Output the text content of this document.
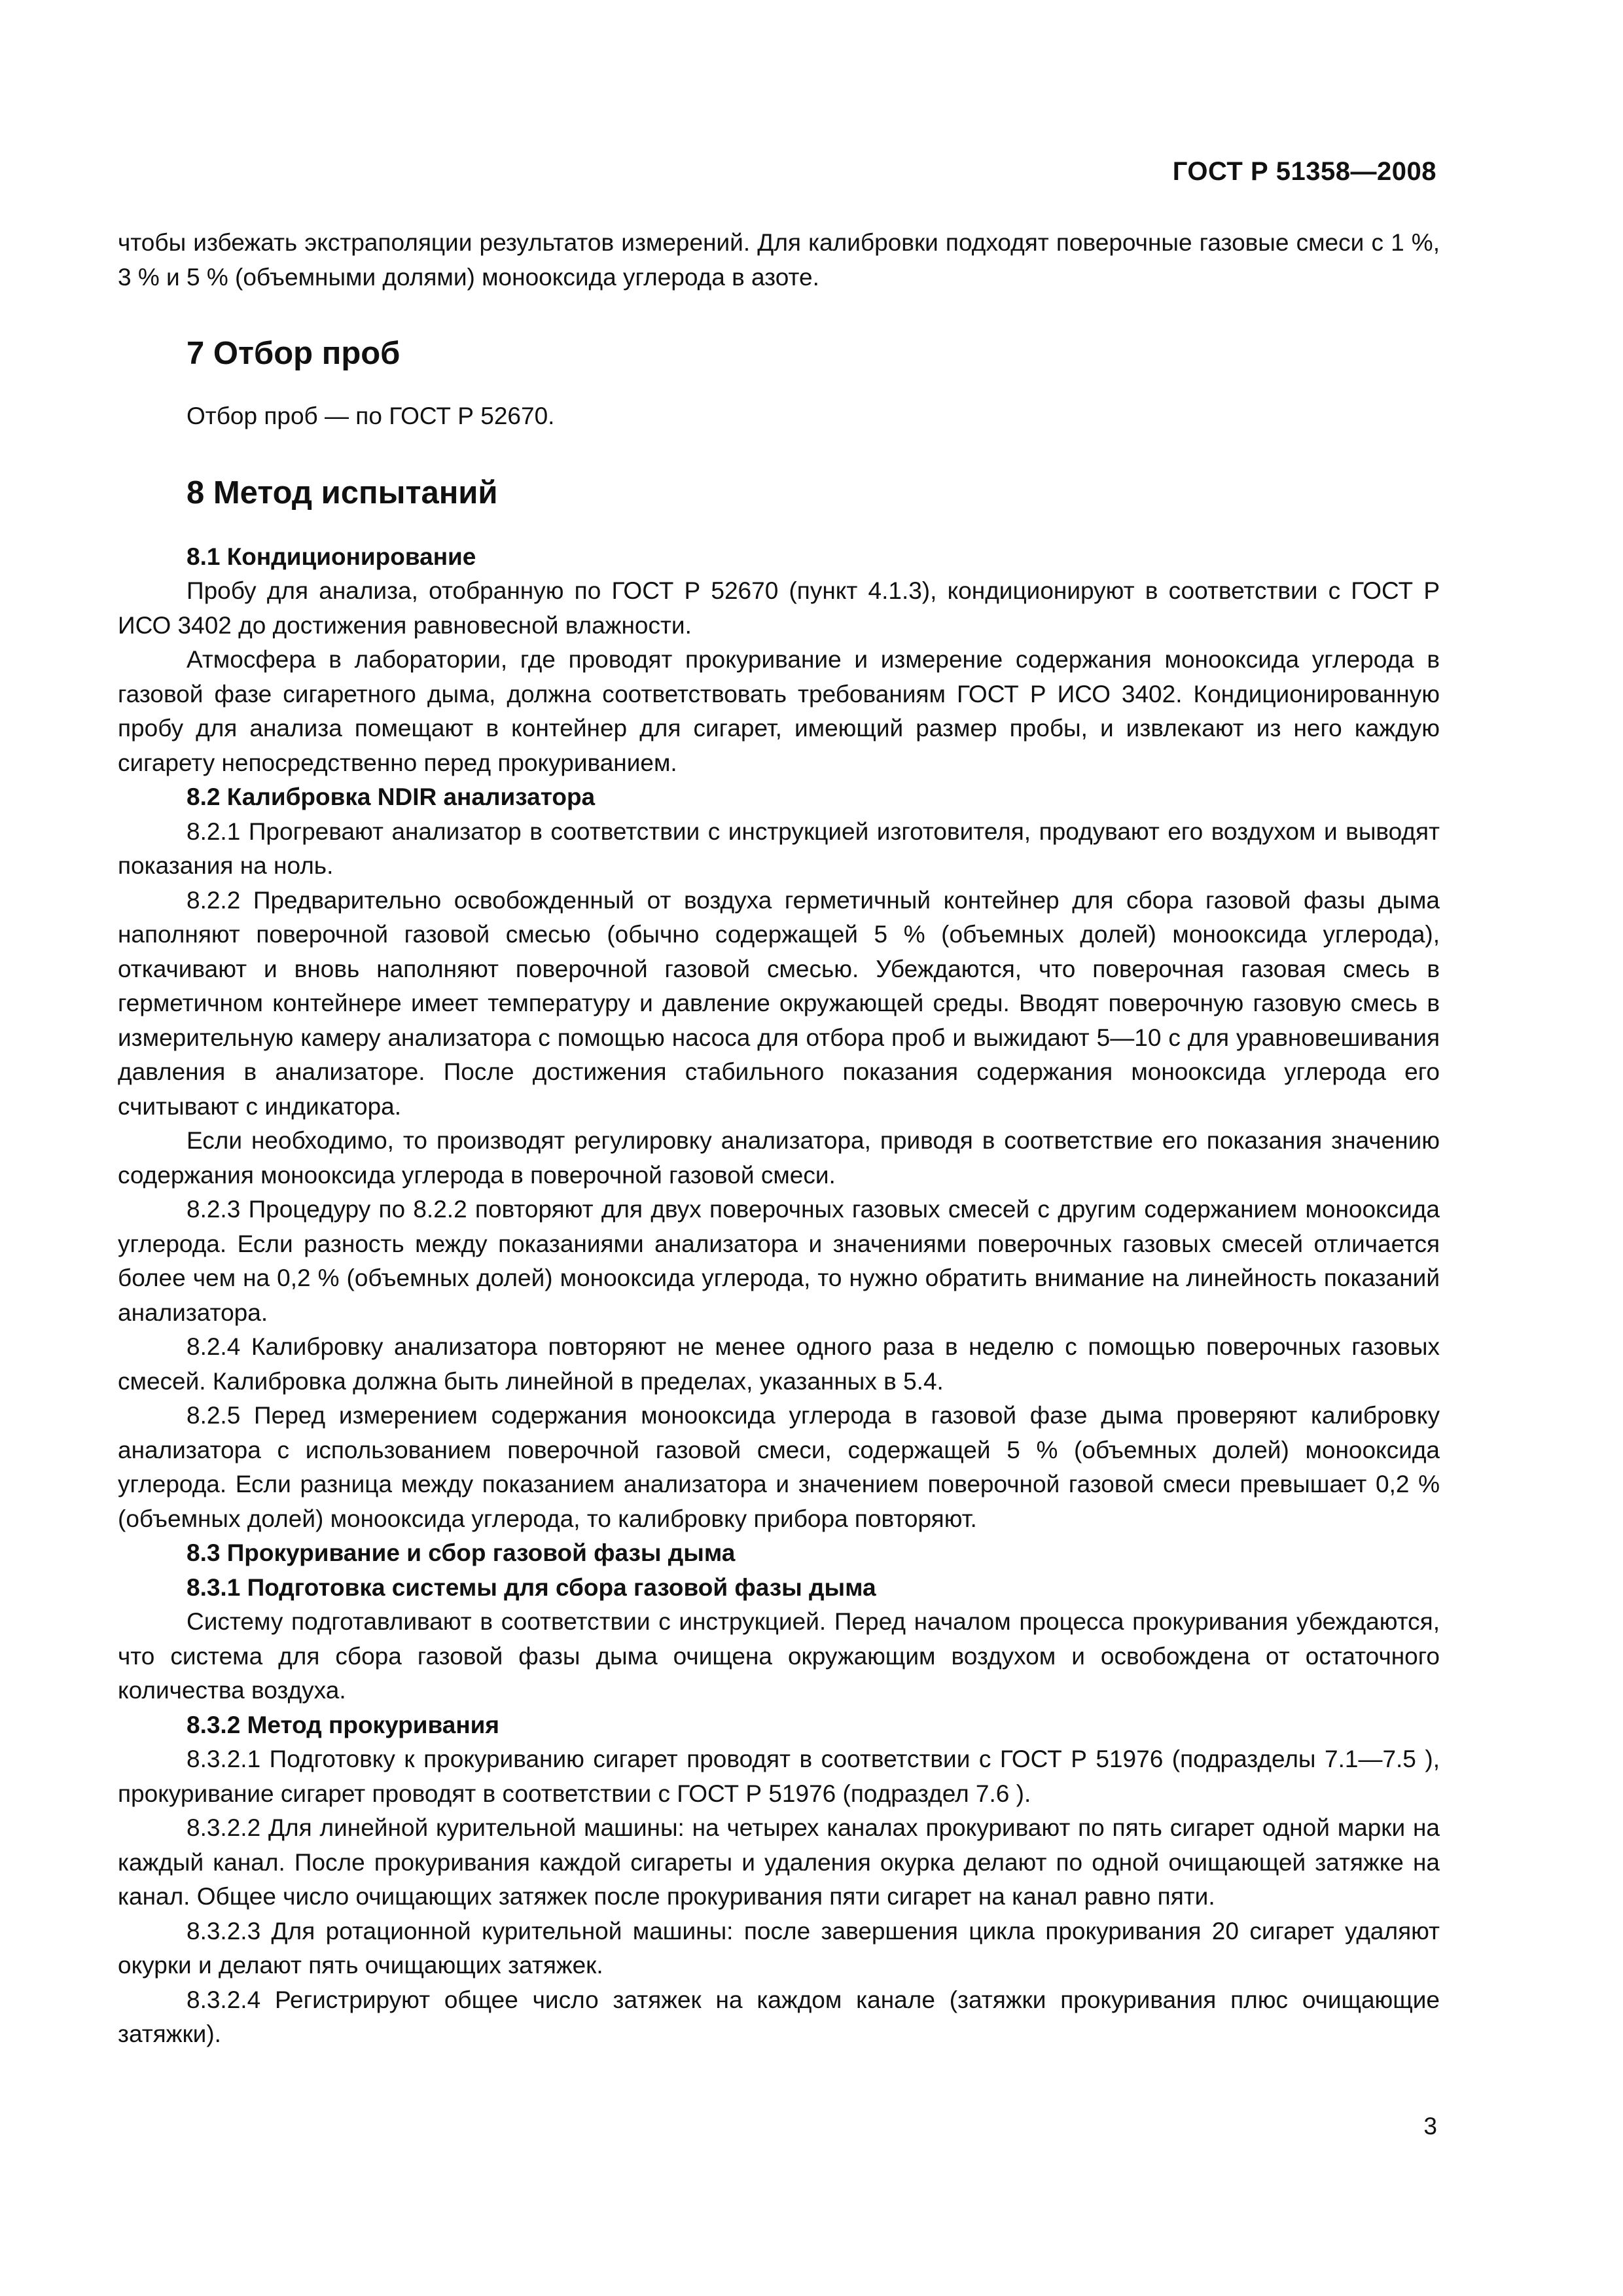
ГОСТ Р 51358—2008

чтобы избежать экстраполяции результатов измерений. Для калибровки подходят поверочные газовые смеси с 1 %, 3 % и 5 % (объемными долями) монооксида углерода в азоте.

7 Отбор проб

Отбор проб — по ГОСТ Р 52670.

8 Метод испытаний

8.1 Кондиционирование

Пробу для анализа, отобранную по ГОСТ Р 52670 (пункт 4.1.3), кондиционируют в соответствии с ГОСТ Р ИСО 3402 до достижения равновесной влажности.

Атмосфера в лаборатории, где проводят прокуривание и измерение содержания монооксида углерода в газовой фазе сигаретного дыма, должна соответствовать требованиям ГОСТ Р ИСО 3402. Кондиционированную пробу для анализа помещают в контейнер для сигарет, имеющий размер пробы, и извлекают из него каждую сигарету непосредственно перед прокуриванием.

8.2 Калибровка NDIR анализатора

8.2.1 Прогревают анализатор в соответствии с инструкцией изготовителя, продувают его воздухом и выводят показания на ноль.

8.2.2 Предварительно освобожденный от воздуха герметичный контейнер для сбора газовой фазы дыма наполняют поверочной газовой смесью (обычно содержащей 5 % (объемных долей) монооксида углерода), откачивают и вновь наполняют поверочной газовой смесью. Убеждаются, что поверочная газовая смесь в герметичном контейнере имеет температуру и давление окружающей среды. Вводят поверочную газовую смесь в измерительную камеру анализатора с помощью насоса для отбора проб и выжидают 5—10 с для уравновешивания давления в анализаторе. После достижения стабильного показания содержания монооксида углерода его считывают с индикатора.

Если необходимо, то производят регулировку анализатора, приводя в соответствие его показания значению содержания монооксида углерода в поверочной газовой смеси.

8.2.3 Процедуру по 8.2.2 повторяют для двух поверочных газовых смесей с другим содержанием монооксида углерода. Если разность между показаниями анализатора и значениями поверочных газовых смесей отличается более чем на 0,2 % (объемных долей) монооксида углерода, то нужно обратить внимание на линейность показаний анализатора.

8.2.4 Калибровку анализатора повторяют не менее одного раза в неделю с помощью поверочных газовых смесей. Калибровка должна быть линейной в пределах, указанных в 5.4.

8.2.5 Перед измерением содержания монооксида углерода в газовой фазе дыма проверяют калибровку анализатора с использованием поверочной газовой смеси, содержащей 5 % (объемных долей) монооксида углерода. Если разница между показанием анализатора и значением поверочной газовой смеси превышает 0,2 % (объемных долей) монооксида углерода, то калибровку прибора повторяют.

8.3 Прокуривание и сбор газовой фазы дыма

8.3.1 Подготовка системы для сбора газовой фазы дыма

Систему подготавливают в соответствии с инструкцией. Перед началом процесса прокуривания убеждаются, что система для сбора газовой фазы дыма очищена окружающим воздухом и освобождена от остаточного количества воздуха.

8.3.2 Метод прокуривания

8.3.2.1 Подготовку к прокуриванию сигарет проводят в соответствии с ГОСТ Р 51976 (подразделы 7.1—7.5 ), прокуривание сигарет проводят в соответствии с ГОСТ Р 51976 (подраздел 7.6 ).

8.3.2.2 Для линейной курительной машины: на четырех каналах прокуривают по пять сигарет одной марки на каждый канал. После прокуривания каждой сигареты и удаления окурка делают по одной очищающей затяжке на канал. Общее число очищающих затяжек после прокуривания пяти сигарет на канал равно пяти.

8.3.2.3 Для ротационной курительной машины: после завершения цикла прокуривания 20 сигарет удаляют окурки и делают пять очищающих затяжек.

8.3.2.4 Регистрируют общее число затяжек на каждом канале (затяжки прокуривания плюс очищающие затяжки).

3
